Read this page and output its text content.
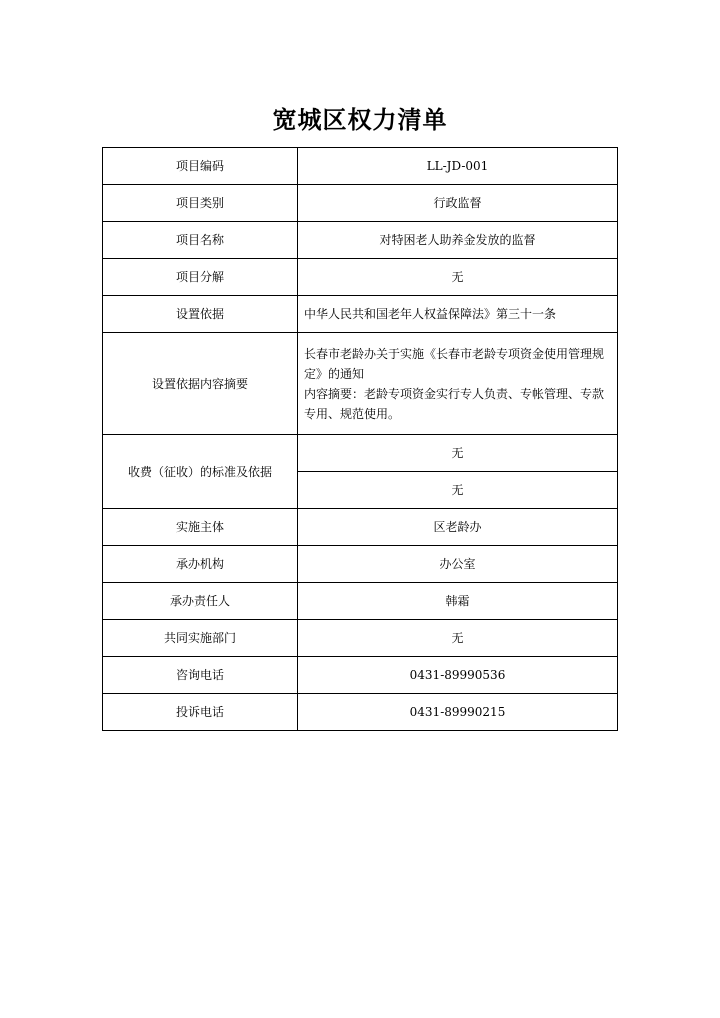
宽城区权力清单
项目编码	LL-JD-001
项目类别	行政监督
项目名称	对特困老人助养金发放的监督
项目分解	无
设置依据	中华人民共和国老年人权益保障法》第三十一条
设置依据内容摘要	长春市老龄办关于实施《长春市老龄专项资金使用管理规
定》的通知
内容摘要：老龄专项资金实行专人负责、专帐管理、专款
专用、规范使用。

收费（征收）的标准及依据	无
	无
实施主体	区老龄办
承办机构	办公室
承办责任人	韩霜
共同实施部门	无
咨询电话	0431-89990536
投诉电话	0431-89990215
